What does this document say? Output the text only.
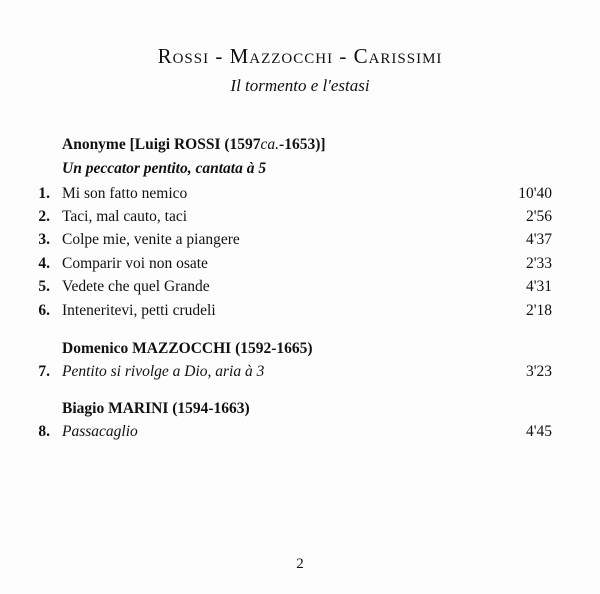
Rossi - Mazzocchi - Carissimi
Il tormento e l'estasi
Anonyme [Luigi ROSSI (1597ca.-1653)]
Un peccator pentito, cantata à 5
1. Mi son fatto nemico	10'40
2. Taci, mal cauto, taci	2'56
3. Colpe mie, venite a piangere	4'37
4. Comparir voi non osate	2'33
5. Vedete che quel Grande	4'31
6. Inteneritevi, petti crudeli	2'18
Domenico MAZZOCCHI (1592-1665)
7. Pentito si rivolge a Dio, aria à 3	3'23
Biagio MARINI (1594-1663)
8. Passacaglio	4'45
2
